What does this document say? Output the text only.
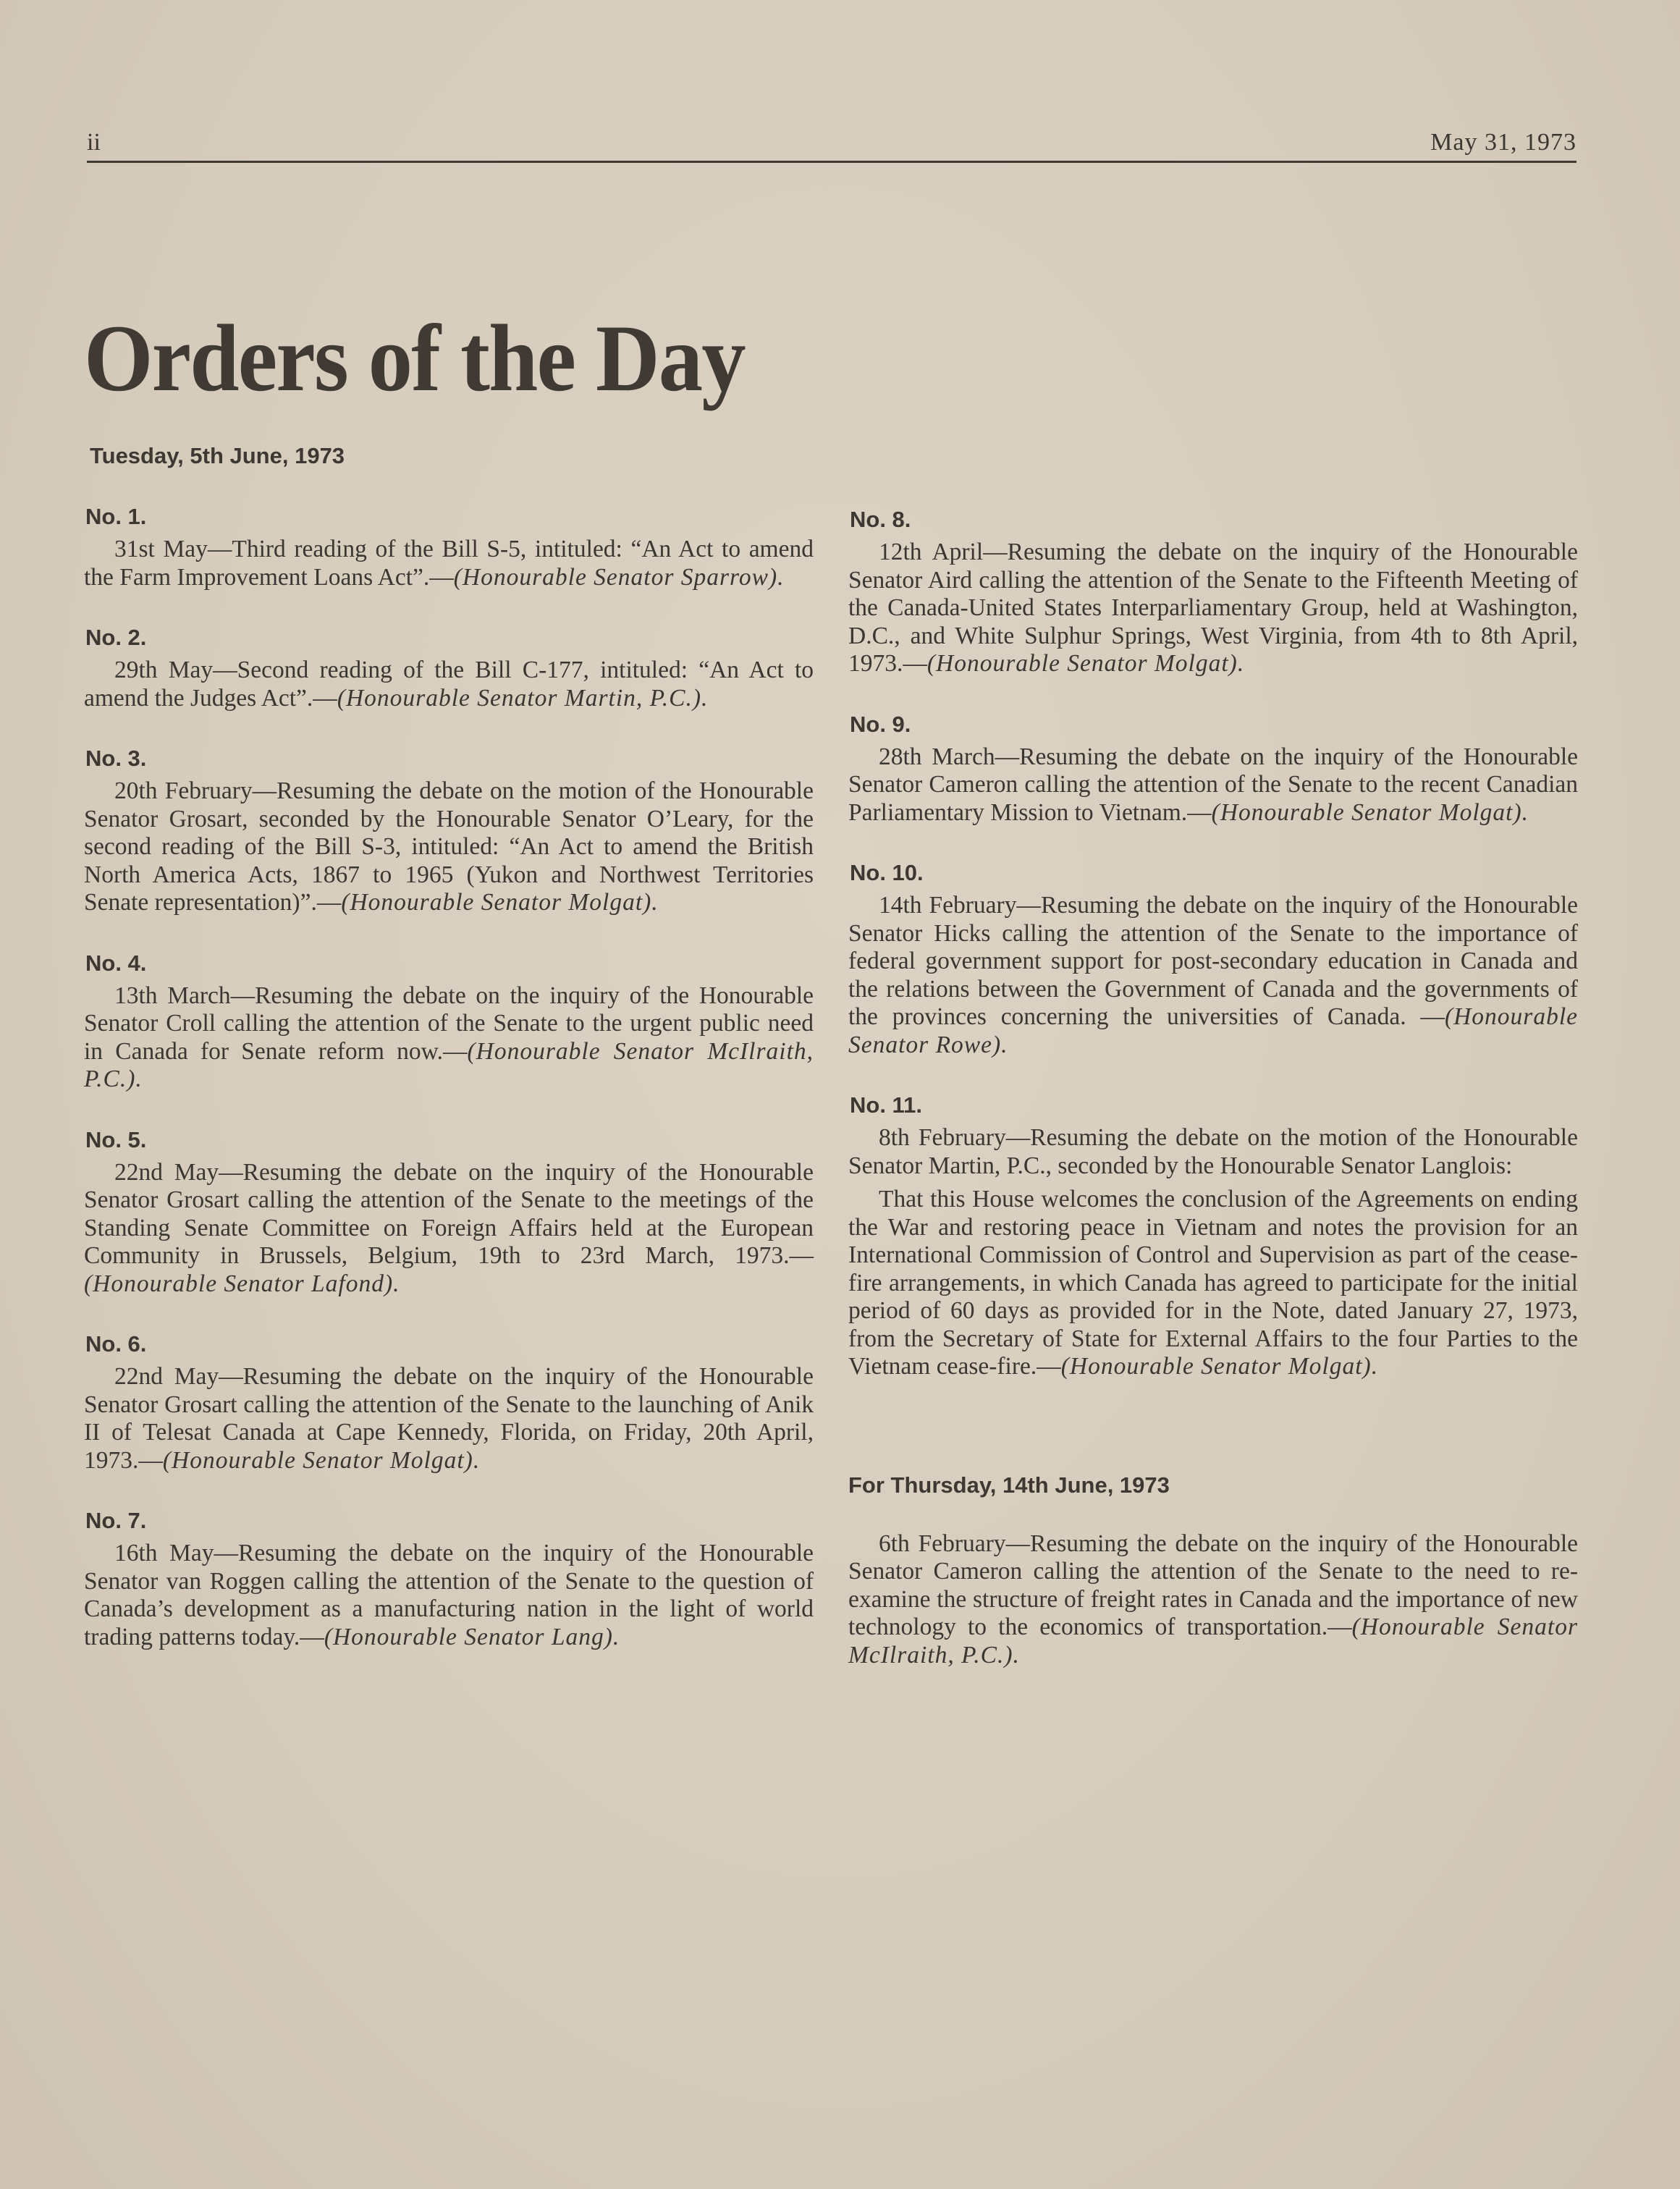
ii	May 31, 1973
Orders of the Day

Tuesday, 5th June, 1973

No. 1.

31st May—Third reading of the Bill S-5, intituled: “An Act to amend the Farm Improvement Loans Act”.—(Honourable Senator Sparrow).

No. 2.

29th May—Second reading of the Bill C-177, intituled: “An Act to amend the Judges Act”.—(Honourable Senator Martin, P.C.).

No. 3.

20th February—Resuming the debate on the motion of the Honourable Senator Grosart, seconded by the Honourable Senator O’Leary, for the second reading of the Bill S-3, intituled: “An Act to amend the British North America Acts, 1867 to 1965 (Yukon and Northwest Territories Senate representation)”.—(Honourable Senator Molgat).

No. 4.

13th March—Resuming the debate on the inquiry of the Honourable Senator Croll calling the attention of the Senate to the urgent public need in Canada for Senate reform now.—(Honourable Senator McIlraith, P.C.).

No. 5.

22nd May—Resuming the debate on the inquiry of the Honourable Senator Grosart calling the attention of the Senate to the meetings of the Standing Senate Committee on Foreign Affairs held at the European Community in Brussels, Belgium, 19th to 23rd March, 1973.—(Honourable Senator Lafond).

No. 6.

22nd May—Resuming the debate on the inquiry of the Honourable Senator Grosart calling the attention of the Senate to the launching of Anik II of Telesat Canada at Cape Kennedy, Florida, on Friday, 20th April, 1973.—(Honourable Senator Molgat).

No. 7.

16th May—Resuming the debate on the inquiry of the Honourable Senator van Roggen calling the attention of the Senate to the question of Canada’s development as a manufacturing nation in the light of world trading patterns today.—(Honourable Senator Lang).

No. 8.

12th April—Resuming the debate on the inquiry of the Honourable Senator Aird calling the attention of the Senate to the Fifteenth Meeting of the Canada-United States Interparliamentary Group, held at Washington, D.C., and White Sulphur Springs, West Virginia, from 4th to 8th April, 1973.—(Honourable Senator Molgat).

No. 9.

28th March—Resuming the debate on the inquiry of the Honourable Senator Cameron calling the attention of the Senate to the recent Canadian Parliamentary Mission to Vietnam.—(Honourable Senator Molgat).

No. 10.

14th February—Resuming the debate on the inquiry of the Honourable Senator Hicks calling the attention of the Senate to the importance of federal government support for post-secondary education in Canada and the relations between the Government of Canada and the governments of the provinces concerning the universities of Canada. —(Honourable Senator Rowe).

No. 11.

8th February—Resuming the debate on the motion of the Honourable Senator Martin, P.C., seconded by the Honourable Senator Langlois:

That this House welcomes the conclusion of the Agreements on ending the War and restoring peace in Vietnam and notes the provision for an International Commission of Control and Supervision as part of the cease-fire arrangements, in which Canada has agreed to participate for the initial period of 60 days as provided for in the Note, dated January 27, 1973, from the Secretary of State for External Affairs to the four Parties to the Vietnam cease-fire.—(Honourable Senator Molgat).

For Thursday, 14th June, 1973

6th February—Resuming the debate on the inquiry of the Honourable Senator Cameron calling the attention of the Senate to the need to re-examine the structure of freight rates in Canada and the importance of new technology to the economics of transportation.—(Honourable Senator McIlraith, P.C.).
